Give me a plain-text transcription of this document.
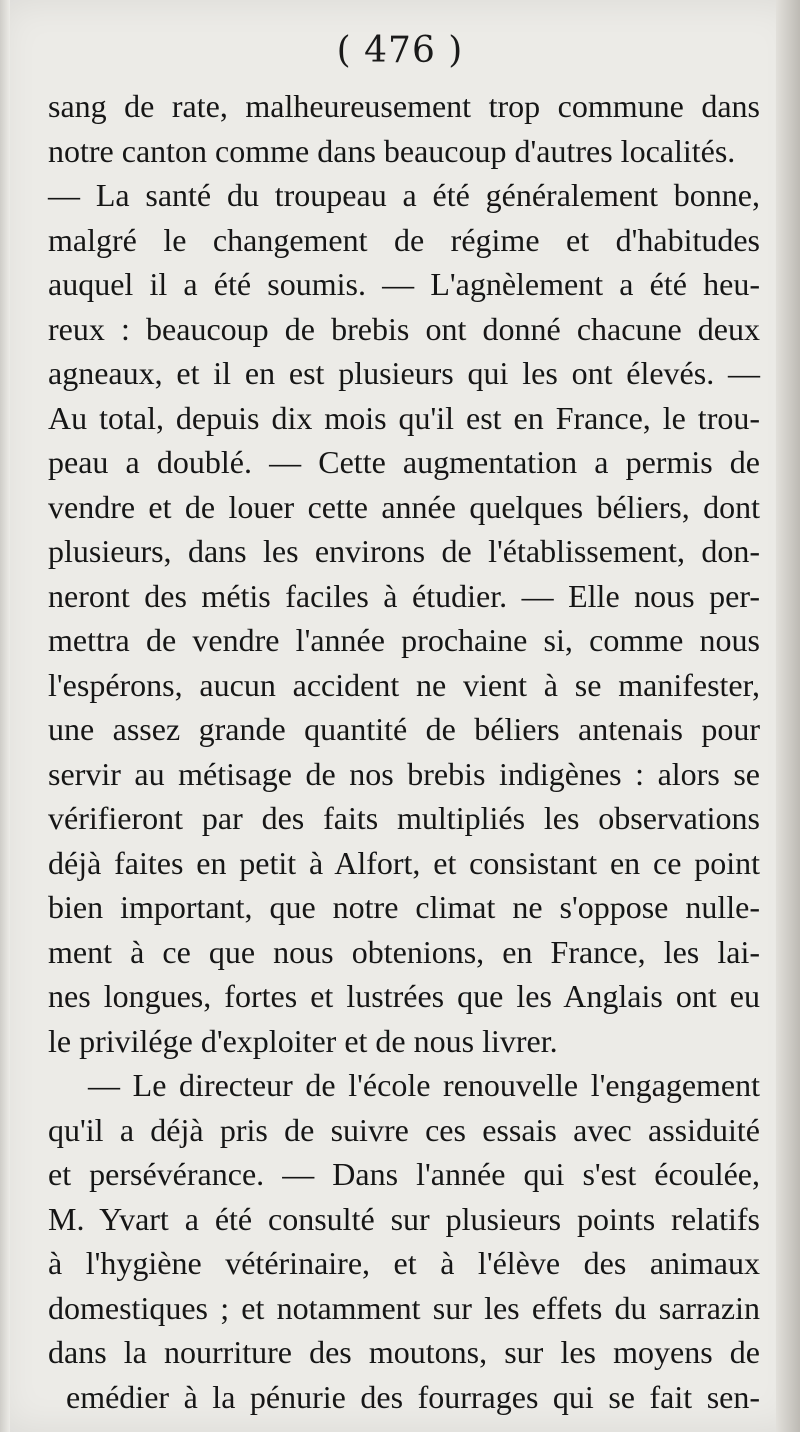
( 476 )
sang de rate, malheureusement trop commune dans
notre canton comme dans beaucoup d'autres localités.
— La santé du troupeau a été généralement bonne,
malgré le changement de régime et d'habitudes
auquel il a été soumis. — L'agnèlement a été heu-
reux : beaucoup de brebis ont donné chacune deux
agneaux, et il en est plusieurs qui les ont élevés. —
Au total, depuis dix mois qu'il est en France, le trou-
peau a doublé. — Cette augmentation a permis de
vendre et de louer cette année quelques béliers, dont
plusieurs, dans les environs de l'établissement, don-
neront des métis faciles à étudier. — Elle nous per-
mettra de vendre l'année prochaine si, comme nous
l'espérons, aucun accident ne vient à se manifester,
une assez grande quantité de béliers antenais pour
servir au métisage de nos brebis indigènes : alors se
vérifieront par des faits multipliés les observations
déjà faites en petit à Alfort, et consistant en ce point
bien important, que notre climat ne s'oppose nulle-
ment à ce que nous obtenions, en France, les lai-
nes longues, fortes et lustrées que les Anglais ont eu
le privilége d'exploiter et de nous livrer.
— Le directeur de l'école renouvelle l'engagement
qu'il a déjà pris de suivre ces essais avec assiduité
et persévérance. — Dans l'année qui s'est écoulée,
M. Yvart a été consulté sur plusieurs points relatifs
à l'hygiène vétérinaire, et à l'élève des animaux
domestiques ; et notamment sur les effets du sarrazin
dans la nourriture des moutons, sur les moyens de
emédier à la pénurie des fourrages qui se fait sen-
